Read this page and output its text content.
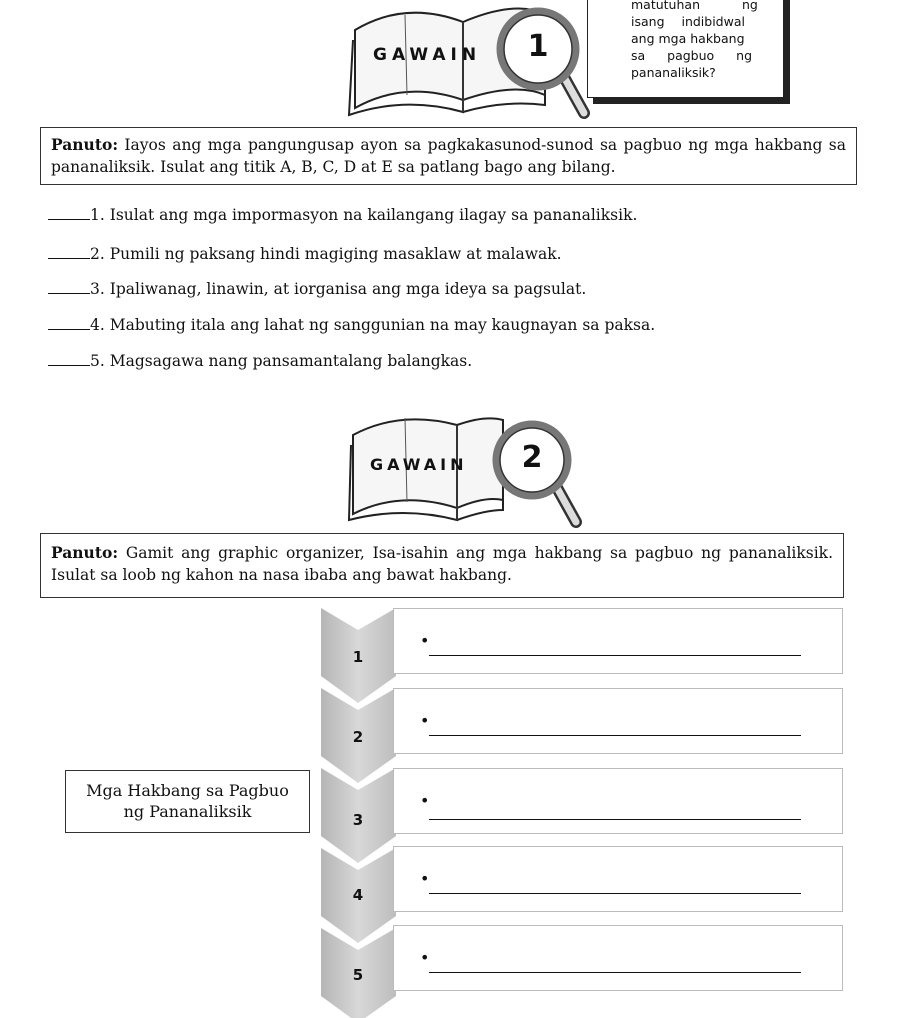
GAWAIN	1
matutuhan ng
isang indibidwal
ang mga hakbang
sa pagbuo ng
pananaliksik?
Panuto: Iayos ang mga pangungusap ayon sa pagkakasunod-sunod sa pagbuo ng mga hakbang sa pananaliksik. Isulat ang titik A, B, C, D at E sa patlang bago ang bilang.
1. Isulat ang mga impormasyon na kailangang ilagay sa pananaliksik.
2. Pumili ng paksang hindi magiging masaklaw at malawak.
3. Ipaliwanag, linawin, at iorganisa ang mga ideya sa pagsulat.
4. Mabuting itala ang lahat ng sanggunian na may kaugnayan sa paksa.
5. Magsagawa nang pansamantalang balangkas.
GAWAIN	2
Panuto: Gamit ang graphic organizer, Isa-isahin ang mga hakbang sa pagbuo ng pananaliksik. Isulat sa loob ng kahon na nasa ibaba ang bawat hakbang.
Mga Hakbang sa Pagbuo
ng Pananaliksik
1
2
3
4
5
•
•
•
•
•
